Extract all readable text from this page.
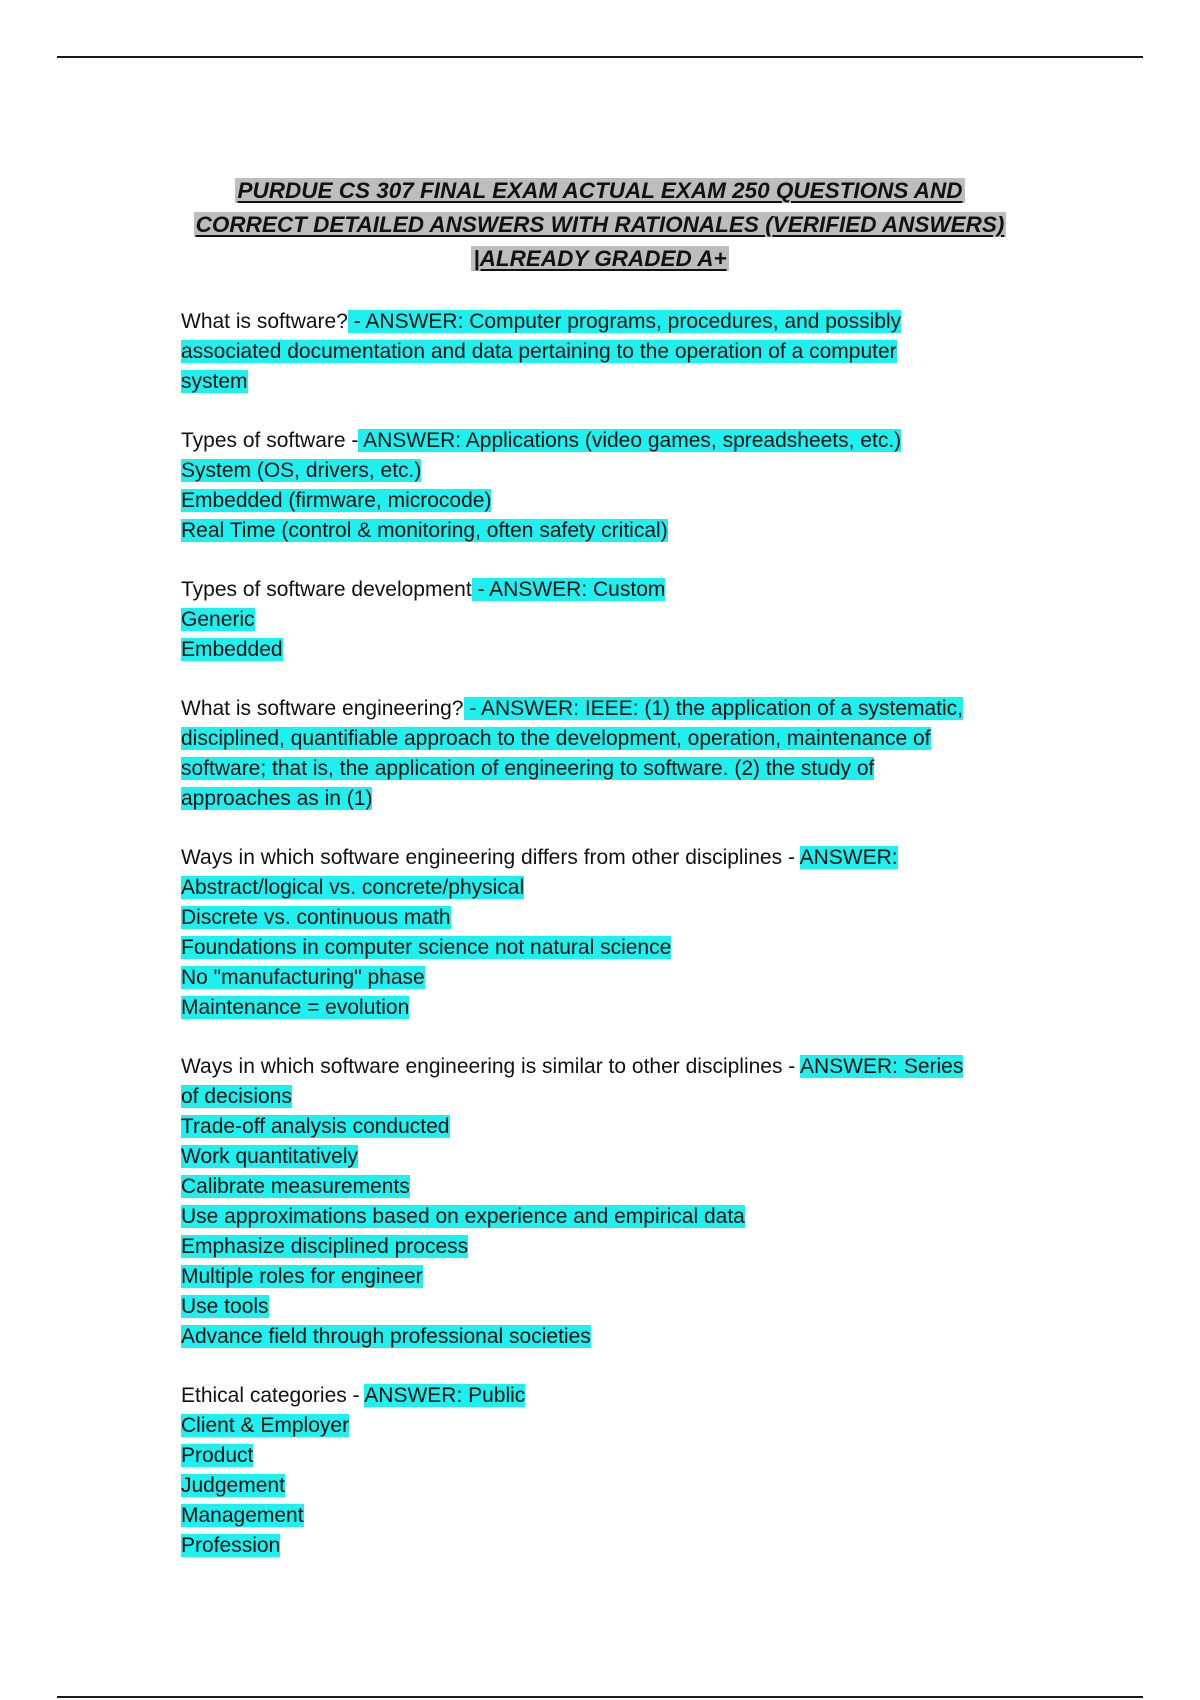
PURDUE CS 307 FINAL EXAM ACTUAL EXAM 250 QUESTIONS AND
CORRECT DETAILED ANSWERS WITH RATIONALES (VERIFIED ANSWERS)
|ALREADY GRADED A+
What is software? - ANSWER: Computer programs, procedures, and possibly
associated documentation and data pertaining to the operation of a computer
system
Types of software - ANSWER: Applications (video games, spreadsheets, etc.)
System (OS, drivers, etc.)
Embedded (firmware, microcode)
Real Time (control & monitoring, often safety critical)
Types of software development - ANSWER: Custom
Generic
Embedded
What is software engineering? - ANSWER: IEEE: (1) the application of a systematic,
disciplined, quantifiable approach to the development, operation, maintenance of
software; that is, the application of engineering to software. (2) the study of
approaches as in (1)
Ways in which software engineering differs from other disciplines - ANSWER:
Abstract/logical vs. concrete/physical
Discrete vs. continuous math
Foundations in computer science not natural science
No "manufacturing" phase
Maintenance = evolution
Ways in which software engineering is similar to other disciplines - ANSWER: Series
of decisions
Trade-off analysis conducted
Work quantitatively
Calibrate measurements
Use approximations based on experience and empirical data
Emphasize disciplined process
Multiple roles for engineer
Use tools
Advance field through professional societies
Ethical categories - ANSWER: Public
Client & Employer
Product
Judgement
Management
Profession
